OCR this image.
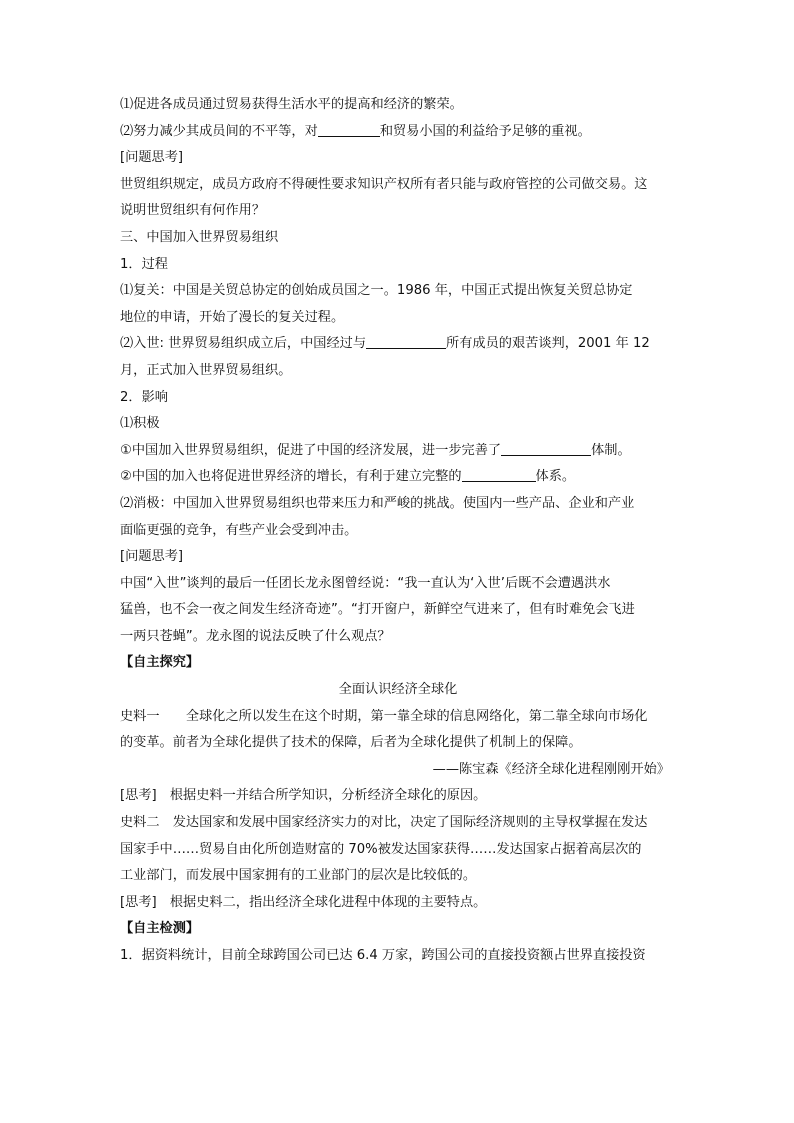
⑴促进各成员通过贸易获得生活水平的提高和经济的繁荣。
⑵努力减少其成员间的不平等，对	和贸易小国的利益给予足够的重视。
[问题思考]
世贸组织规定，成员方政府不得硬性要求知识产权所有者只能与政府管控的公司做交易。这
说明世贸组织有何作用？
三、中国加入世界贸易组织
1．过程
⑴复关：中国是关贸总协定的创始成员国之一。1986 年，中国正式提出恢复关贸总协定
地位的申请，开始了漫长的复关过程。
⑵入世: 世界贸易组织成立后，中国经过与	所有成员的艰苦谈判，2001 年 12
月，正式加入世界贸易组织。
2．影响
⑴积极
①中国加入世界贸易组织，促进了中国的经济发展，进一步完善了	体制。
②中国的加入也将促进世界经济的增长，有利于建立完整的	体系。
⑵消极：中国加入世界贸易组织也带来压力和严峻的挑战。使国内一些产品、企业和产业
面临更强的竞争，有些产业会受到冲击。
[问题思考]
中国“入世”谈判的最后一任团长龙永图曾经说：“我一直认为‘入世’后既不会遭遇洪水
猛兽，也不会一夜之间发生经济奇迹”。“打开窗户，新鲜空气进来了，但有时难免会飞进
一两只苍蝇”。龙永图的说法反映了什么观点？
【自主探究】
全面认识经济全球化
史料一　　全球化之所以发生在这个时期，第一靠全球的信息网络化，第二靠全球向市场化
的变革。前者为全球化提供了技术的保障，后者为全球化提供了机制上的保障。
——陈宝森《经济全球化进程刚刚开始》
[思考]　根据史料一并结合所学知识，分析经济全球化的原因。
史料二　发达国家和发展中国家经济实力的对比，决定了国际经济规则的主导权掌握在发达
国家手中……贸易自由化所创造财富的 70%被发达国家获得……发达国家占据着高层次的
工业部门，而发展中国家拥有的工业部门的层次是比较低的。
[思考]　根据史料二，指出经济全球化进程中体现的主要特点。
【自主检测】
1．据资料统计，目前全球跨国公司已达 6.4 万家，跨国公司的直接投资额占世界直接投资
